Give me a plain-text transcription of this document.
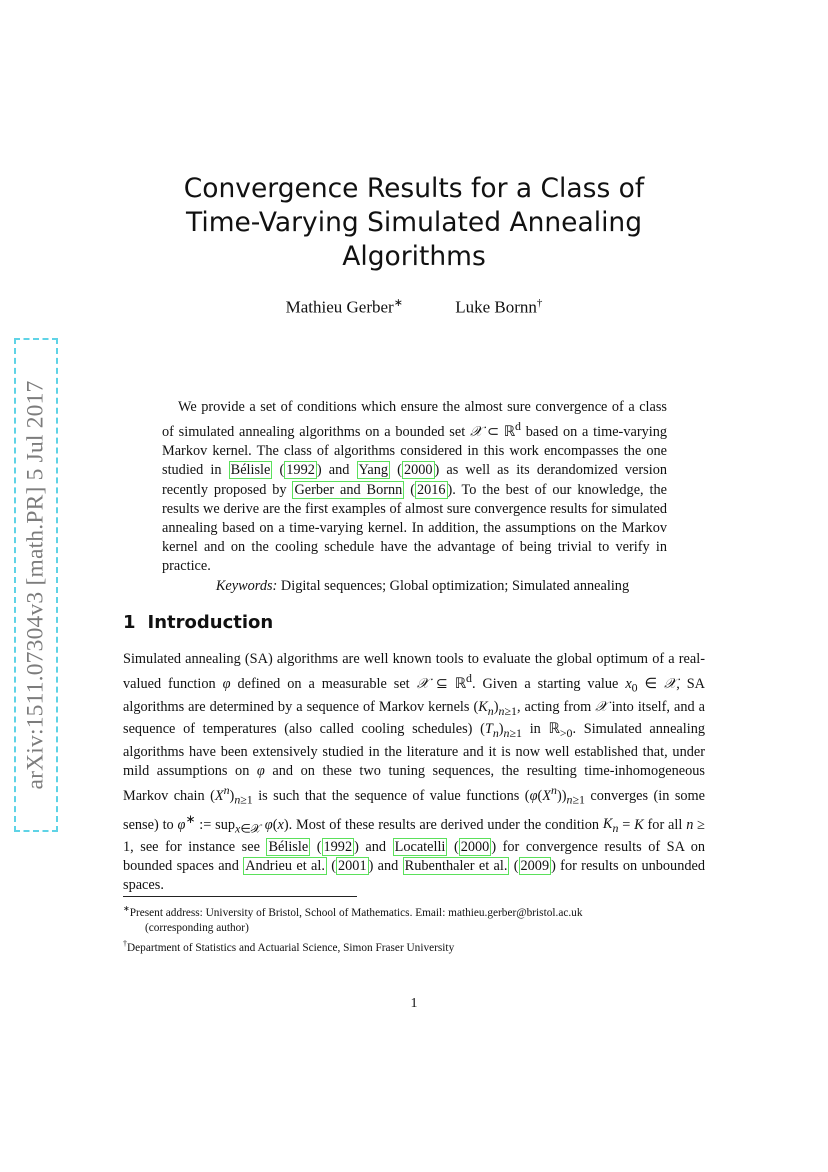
arXiv:1511.07304v3 [math.PR] 5 Jul 2017
Convergence Results for a Class of
Time-Varying Simulated Annealing
Algorithms
Mathieu Gerber∗	Luke Bornn†

We provide a set of conditions which ensure the almost sure convergence of a class of simulated annealing algorithms on a bounded set 𝒳 ⊂ ℝ$^d$ based on a time-varying Markov kernel. The class of algorithms considered in this work encompasses the one studied in Bélisle ( 1992 ) and Yang ( 2000 ) as well as its derandomized version recently proposed by Gerber and Bornn ( 2016 ). To the best of our knowledge, the results we derive are the first examples of almost sure convergence results for simulated annealing based on a time-varying kernel. In addition, the assumptions on the Markov kernel and on the cooling schedule have the advantage of being trivial to verify in practice.

Keywords: Digital sequences; Global optimization; Simulated annealing

1 Introduction

Simulated annealing (SA) algorithms are well known tools to evaluate the global optimum of a real-valued function φ defined on a measurable set 𝒳 ⊆ ℝ$^d$. Given a starting value $x_0$ ∈ 𝒳, SA algorithms are determined by a sequence of Markov kernels $(K_n)_{n\ge 1}$, acting from 𝒳 into itself, and a sequence of temperatures (also called cooling schedules) $(T_n)_{n\ge 1}$ in ℝ$_{>0}$. Simulated annealing algorithms have been extensively studied in the literature and it is now well established that, under mild assumptions on φ and on these two tuning sequences, the resulting time-inhomogeneous Markov chain $(X^n)_{n\ge 1}$ is such that the sequence of value functions $(\varphi(X^n))_{n\ge 1}$ converges (in some sense) to φ∗ := sup$_{x\in 𝒳}$ φ(x). Most of these results are derived under the condition $K_n = K$ for all n ≥ 1, see for instance see Bélisle ( 1992 ) and Locatelli ( 2000 ) for convergence results of SA on bounded spaces and Andrieu et al. ( 2001 ) and Rubenthaler et al. ( 2009 ) for results on unbounded spaces.

∗Present address: University of Bristol, School of Mathematics. Email: mathieu.gerber@bristol.ac.uk

(corresponding author)

†Department of Statistics and Actuarial Science, Simon Fraser University

1
